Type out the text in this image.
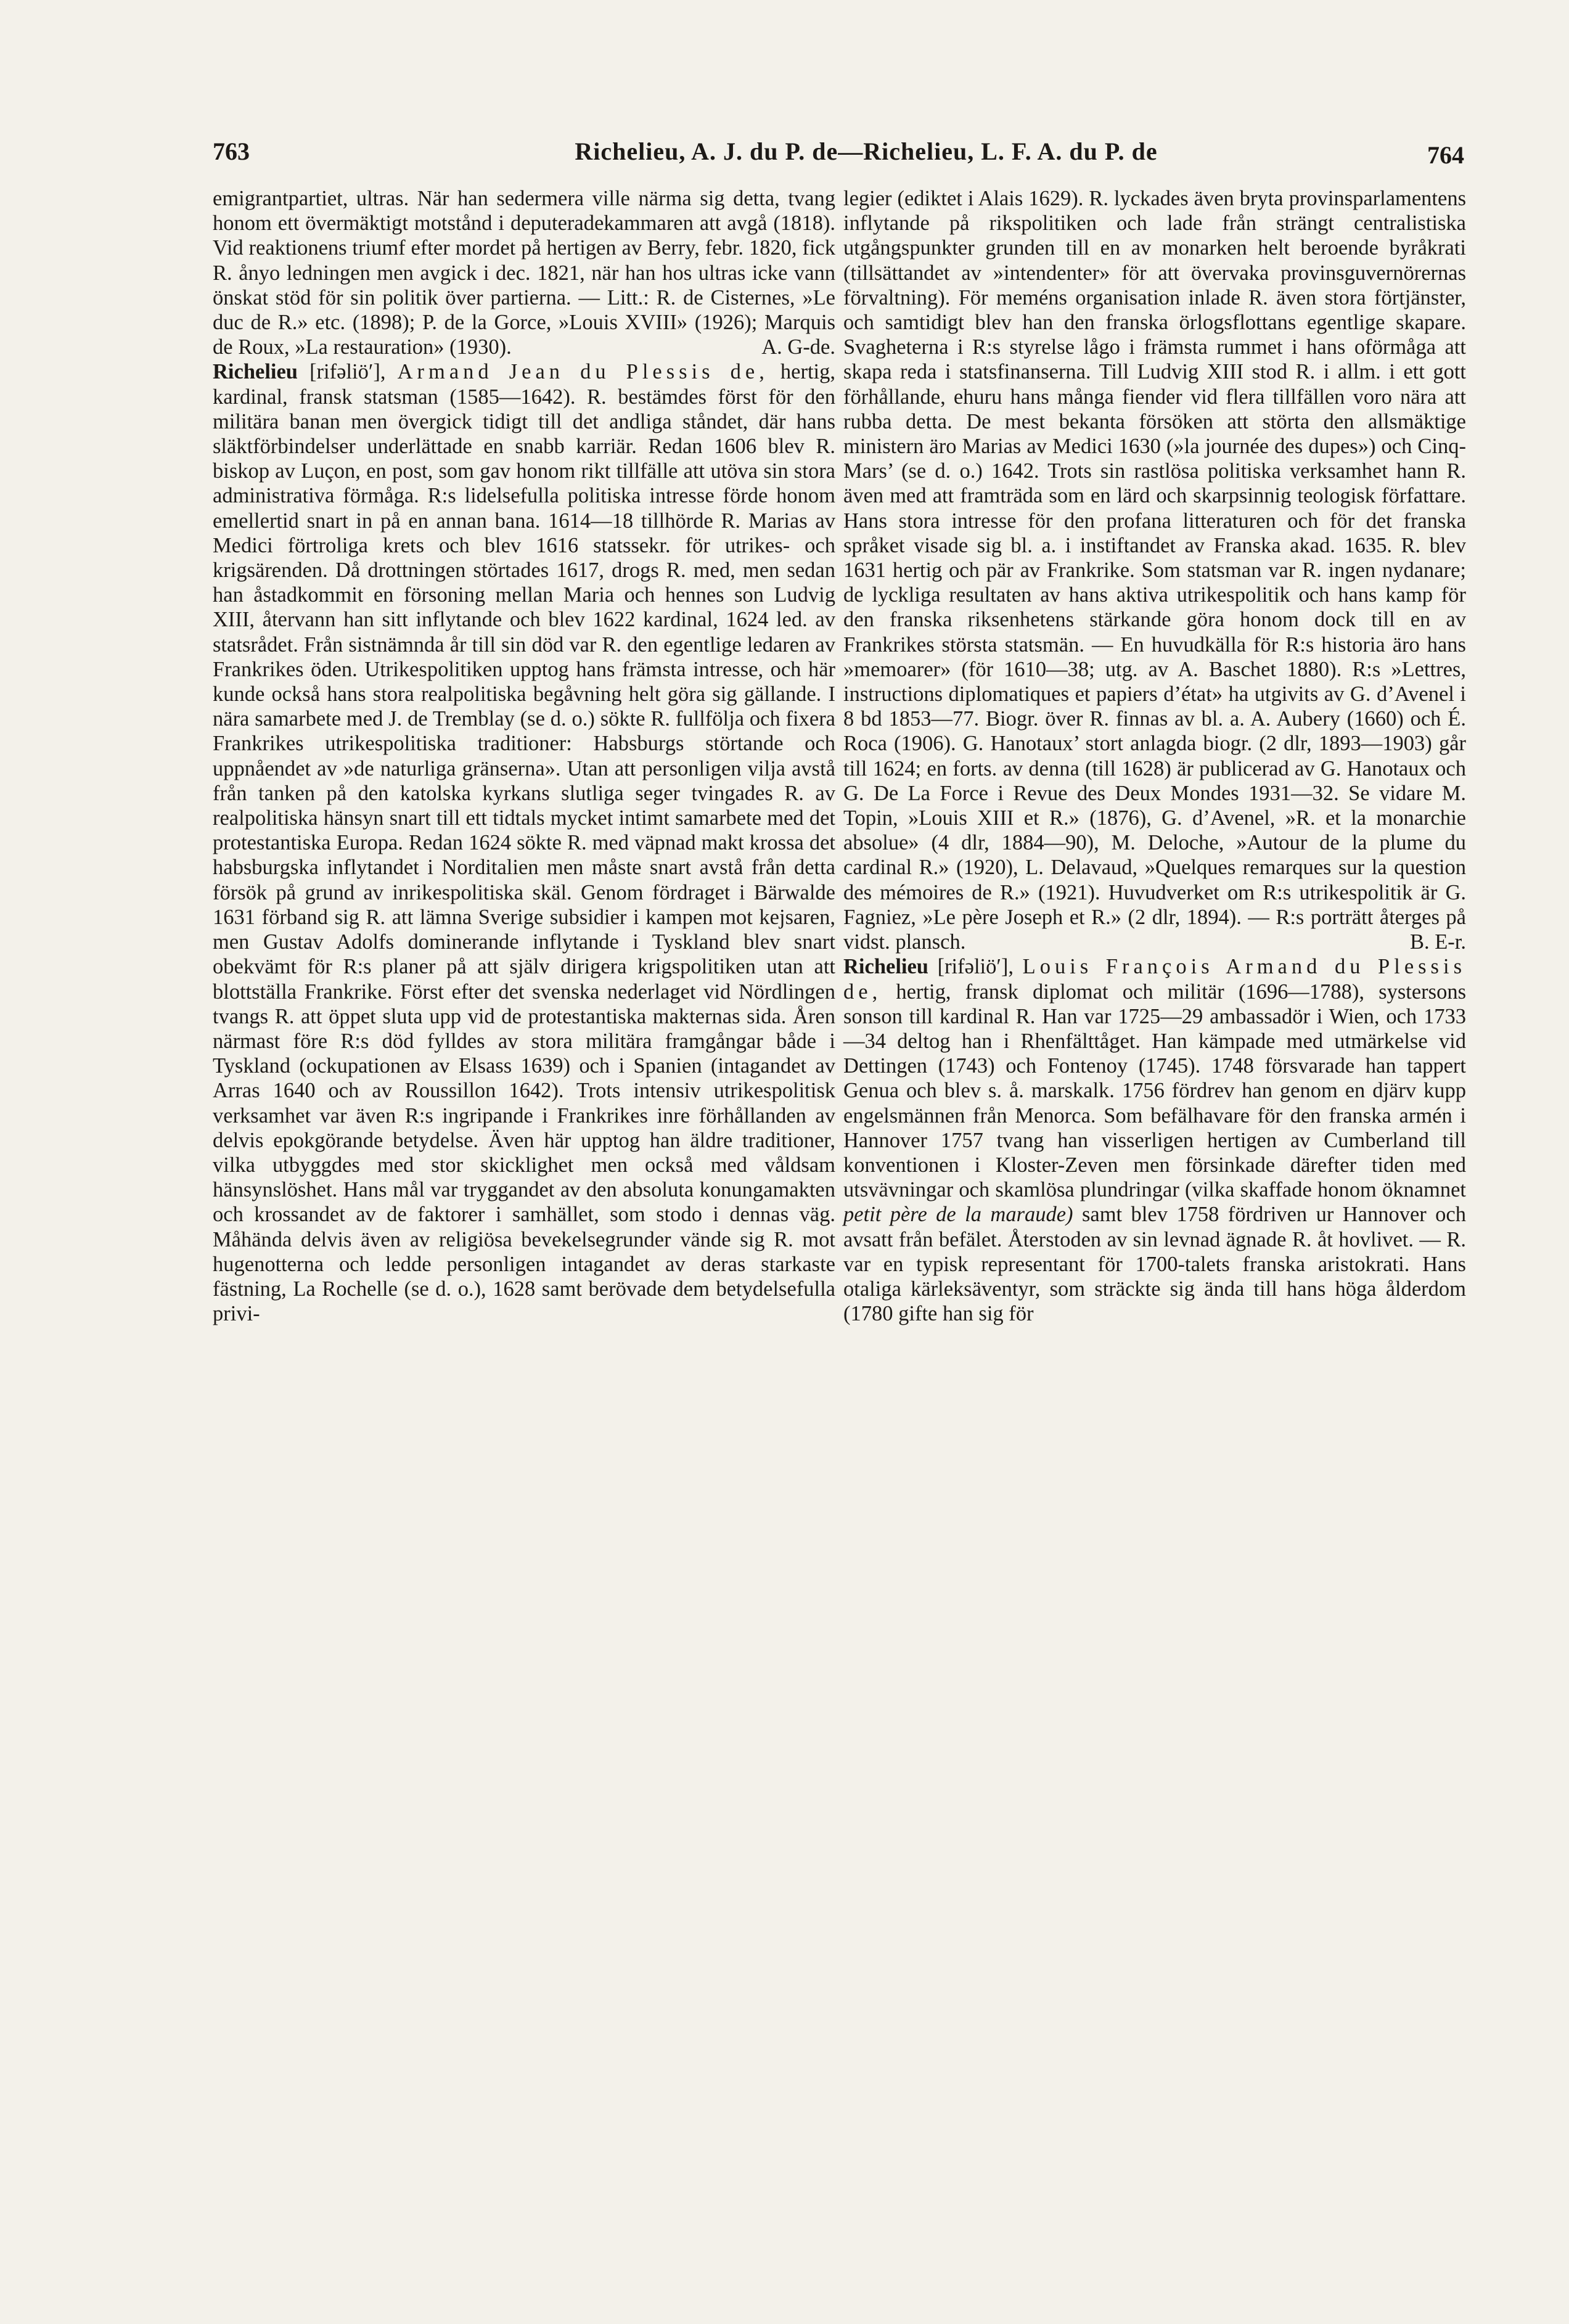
763	Richelieu, A. J. du P. de—Richelieu, L. F. A. du P. de	764

emigrantpartiet, ultras. När han sedermera ville närma sig detta, tvang honom ett övermäktigt motstånd i deputeradekammaren att avgå (1818). Vid reaktionens triumf efter mordet på hertigen av Berry, febr. 1820, fick R. ånyo ledningen men avgick i dec. 1821, när han hos ultras icke vann önskat stöd för sin politik över partierna. — Litt.: R. de Cisternes, »Le duc de R.» etc. (1898); P. de la Gorce, »Louis XVIII» (1926); Marquis de Roux, »La restauration» (1930).	A. G-de.

Richelieu [rifəliö′], Armand Jean du Plessis de, hertig, kardinal, fransk statsman (1585—1642). R. bestämdes först för den militära banan men övergick tidigt till det andliga ståndet, där hans släktförbindelser underlättade en snabb karriär. Redan 1606 blev R. biskop av Luçon, en post, som gav honom rikt tillfälle att utöva sin stora administrativa förmåga. R:s lidelsefulla politiska intresse förde honom emellertid snart in på en annan bana. 1614—18 tillhörde R. Marias av Medici förtroliga krets och blev 1616 statssekr. för utrikes- och krigsärenden. Då drottningen störtades 1617, drogs R. med, men sedan han åstadkommit en försoning mellan Maria och hennes son Ludvig XIII, återvann han sitt inflytande och blev 1622 kardinal, 1624 led. av statsrådet. Från sistnämnda år till sin död var R. den egentlige ledaren av Frankrikes öden. Utrikespolitiken upptog hans främsta intresse, och här kunde också hans stora realpolitiska begåvning helt göra sig gällande. I nära samarbete med J. de Tremblay (se d. o.) sökte R. fullfölja och fixera Frankrikes utrikespolitiska traditioner: Habsburgs störtande och uppnåendet av »de naturliga gränserna». Utan att personligen vilja avstå från tanken på den katolska kyrkans slutliga seger tvingades R. av realpolitiska hänsyn snart till ett tidtals mycket intimt samarbete med det protestantiska Europa. Redan 1624 sökte R. med väpnad makt krossa det habsburgska inflytandet i Norditalien men måste snart avstå från detta försök på grund av inrikespolitiska skäl. Genom fördraget i Bärwalde 1631 förband sig R. att lämna Sverige subsidier i kampen mot kejsaren, men Gustav Adolfs dominerande inflytande i Tyskland blev snart obekvämt för R:s planer på att själv dirigera krigspolitiken utan att blottställa Frankrike. Först efter det svenska nederlaget vid Nördlingen tvangs R. att öppet sluta upp vid de protestantiska makternas sida. Åren närmast före R:s död fylldes av stora militära framgångar både i Tyskland (ockupationen av Elsass 1639) och i Spanien (intagandet av Arras 1640 och av Roussillon 1642). Trots intensiv utrikespolitisk verksamhet var även R:s ingripande i Frankrikes inre förhållanden av delvis epokgörande betydelse. Även här upptog han äldre traditioner, vilka utbyggdes med stor skicklighet men också med våldsam hänsynslöshet. Hans mål var tryggandet av den absoluta konungamakten och krossandet av de faktorer i samhället, som stodo i dennas väg. Måhända delvis även av religiösa bevekelsegrunder vände sig R. mot hugenotterna och ledde personligen intagandet av deras starkaste fästning, La Rochelle (se d. o.), 1628 samt berövade dem betydelsefulla privi-

legier (ediktet i Alais 1629). R. lyckades även bryta provinsparlamentens inflytande på rikspolitiken och lade från strängt centralistiska utgångspunkter grunden till en av monarken helt beroende byråkrati (tillsättandet av »intendenter» för att övervaka provinsguvernörernas förvaltning). För meméns organisation inlade R. även stora förtjänster, och samtidigt blev han den franska örlogsflottans egentlige skapare. Svagheterna i R:s styrelse lågo i främsta rummet i hans oförmåga att skapa reda i statsfinanserna. Till Ludvig XIII stod R. i allm. i ett gott förhållande, ehuru hans många fiender vid flera tillfällen voro nära att rubba detta. De mest bekanta försöken att störta den allsmäktige ministern äro Marias av Medici 1630 (»la journée des dupes») och Cinq-Mars’ (se d. o.) 1642. Trots sin rastlösa politiska verksamhet hann R. även med att framträda som en lärd och skarpsinnig teologisk författare. Hans stora intresse för den profana litteraturen och för det franska språket visade sig bl. a. i instiftandet av Franska akad. 1635. R. blev 1631 hertig och pär av Frankrike. Som statsman var R. ingen nydanare; de lyckliga resultaten av hans aktiva utrikespolitik och hans kamp för den franska riksenhetens stärkande göra honom dock till en av Frankrikes största statsmän. — En huvudkälla för R:s historia äro hans »memoarer» (för 1610—38; utg. av A. Baschet 1880). R:s »Lettres, instructions diplomatiques et papiers d’état» ha utgivits av G. d’Avenel i 8 bd 1853—77. Biogr. över R. finnas av bl. a. A. Aubery (1660) och É. Roca (1906). G. Hanotaux’ stort anlagda biogr. (2 dlr, 1893—1903) går till 1624; en forts. av denna (till 1628) är publicerad av G. Hanotaux och G. De La Force i Revue des Deux Mondes 1931—32. Se vidare M. Topin, »Louis XIII et R.» (1876), G. d’Avenel, »R. et la monarchie absolue» (4 dlr, 1884—90), M. Deloche, »Autour de la plume du cardinal R.» (1920), L. Delavaud, »Quelques remarques sur la question des mémoires de R.» (1921). Huvudverket om R:s utrikespolitik är G. Fagniez, »Le père Joseph et R.» (2 dlr, 1894). — R:s porträtt återges på vidst. plansch.	B. E-r.

Richelieu [rifəliö′], Louis François Armand du Plessis de, hertig, fransk diplomat och militär (1696—1788), systersons sonson till kardinal R. Han var 1725—29 ambassadör i Wien, och 1733—34 deltog han i Rhenfälttåget. Han kämpade med utmärkelse vid Dettingen (1743) och Fontenoy (1745). 1748 försvarade han tappert Genua och blev s. å. marskalk. 1756 fördrev han genom en djärv kupp engelsmännen från Menorca. Som befälhavare för den franska armén i Hannover 1757 tvang han visserligen hertigen av Cumberland till konventionen i Kloster-Zeven men försinkade därefter tiden med utsvävningar och skamlösa plundringar (vilka skaffade honom öknamnet petit père de la maraude) samt blev 1758 fördriven ur Hannover och avsatt från befälet. Återstoden av sin levnad ägnade R. åt hovlivet. — R. var en typisk representant för 1700-talets franska aristokrati. Hans otaliga kärleksäventyr, som sträckte sig ända till hans höga ålderdom (1780 gifte han sig för
